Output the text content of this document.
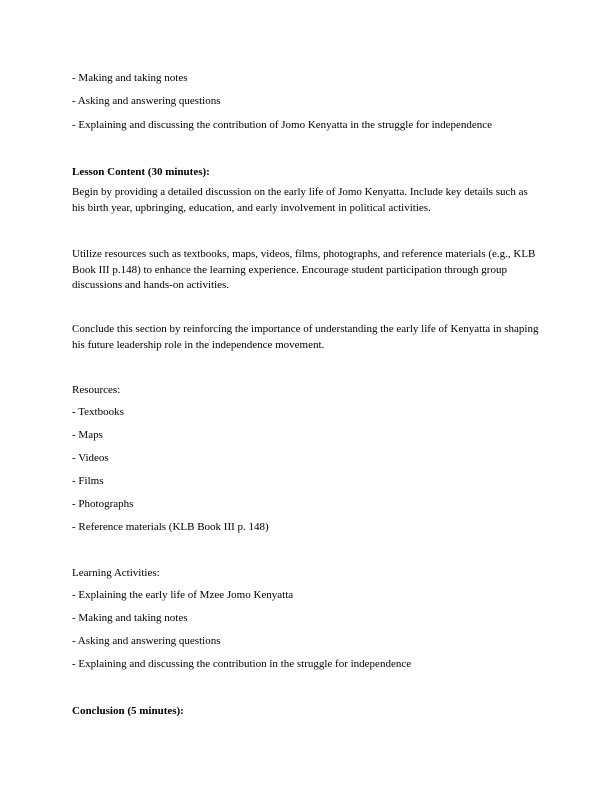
- Making and taking notes
- Asking and answering questions
- Explaining and discussing the contribution of Jomo Kenyatta in the struggle for independence
Lesson Content (30 minutes):
Begin by providing a detailed discussion on the early life of Jomo Kenyatta. Include key details such as his birth year, upbringing, education, and early involvement in political activities.
Utilize resources such as textbooks, maps, videos, films, photographs, and reference materials (e.g., KLB Book III p.148) to enhance the learning experience. Encourage student participation through group discussions and hands-on activities.
Conclude this section by reinforcing the importance of understanding the early life of Kenyatta in shaping his future leadership role in the independence movement.
Resources:
- Textbooks
- Maps
- Videos
- Films
- Photographs
- Reference materials (KLB Book III p. 148)
Learning Activities:
- Explaining the early life of Mzee Jomo Kenyatta
- Making and taking notes
- Asking and answering questions
- Explaining and discussing the contribution in the struggle for independence
Conclusion (5 minutes):
